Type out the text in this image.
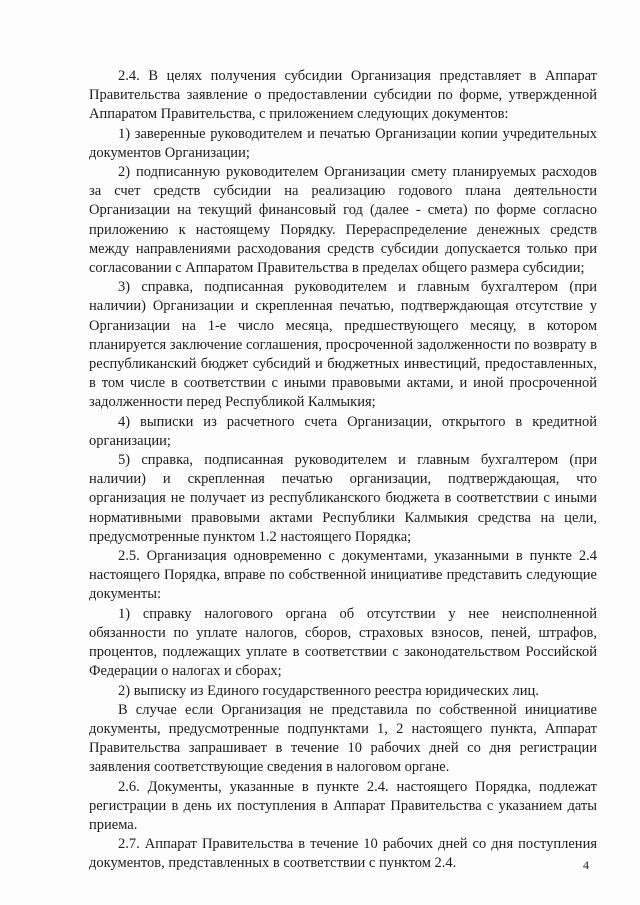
2.4. В целях получения субсидии Организация представляет в Аппарат Правительства заявление о предоставлении субсидии по форме, утвержденной Аппаратом Правительства, с приложением следующих документов:

1) заверенные руководителем и печатью Организации копии учредительных документов Организации;

2) подписанную руководителем Организации смету планируемых расходов за счет средств субсидии на реализацию годового плана деятельности Организации на текущий финансовый год (далее - смета) по форме согласно приложению к настоящему Порядку. Перераспределение денежных средств между направлениями расходования средств субсидии допускается только при согласовании с Аппаратом Правительства в пределах общего размера субсидии;

3) справка, подписанная руководителем и главным бухгалтером (при наличии) Организации и скрепленная печатью, подтверждающая отсутствие у Организации на 1-е число месяца, предшествующего месяцу, в котором планируется заключение соглашения, просроченной задолженности по возврату в республиканский бюджет субсидий и бюджетных инвестиций, предоставленных, в том числе в соответствии с иными правовыми актами, и иной просроченной задолженности перед Республикой Калмыкия;

4) выписки из расчетного счета Организации, открытого в кредитной организации;

5) справка, подписанная руководителем и главным бухгалтером (при наличии) и скрепленная печатью организации, подтверждающая, что организация не получает из республиканского бюджета в соответствии с иными нормативными правовыми актами Республики Калмыкия средства на цели, предусмотренные пунктом 1.2 настоящего Порядка;

2.5. Организация одновременно с документами, указанными в пункте 2.4 настоящего Порядка, вправе по собственной инициативе представить следующие документы:

1) справку налогового органа об отсутствии у нее неисполненной обязанности по уплате налогов, сборов, страховых взносов, пеней, штрафов, процентов, подлежащих уплате в соответствии с законодательством Российской Федерации о налогах и сборах;

2) выписку из Единого государственного реестра юридических лиц.

В случае если Организация не представила по собственной инициативе документы, предусмотренные подпунктами 1, 2 настоящего пункта, Аппарат Правительства запрашивает в течение 10 рабочих дней со дня регистрации заявления соответствующие сведения в налоговом органе.

2.6. Документы, указанные в пункте 2.4. настоящего Порядка, подлежат регистрации в день их поступления в Аппарат Правительства с указанием даты приема.

2.7. Аппарат Правительства в течение 10 рабочих дней со дня поступления документов, представленных в соответствии с пунктом 2.4.	4
